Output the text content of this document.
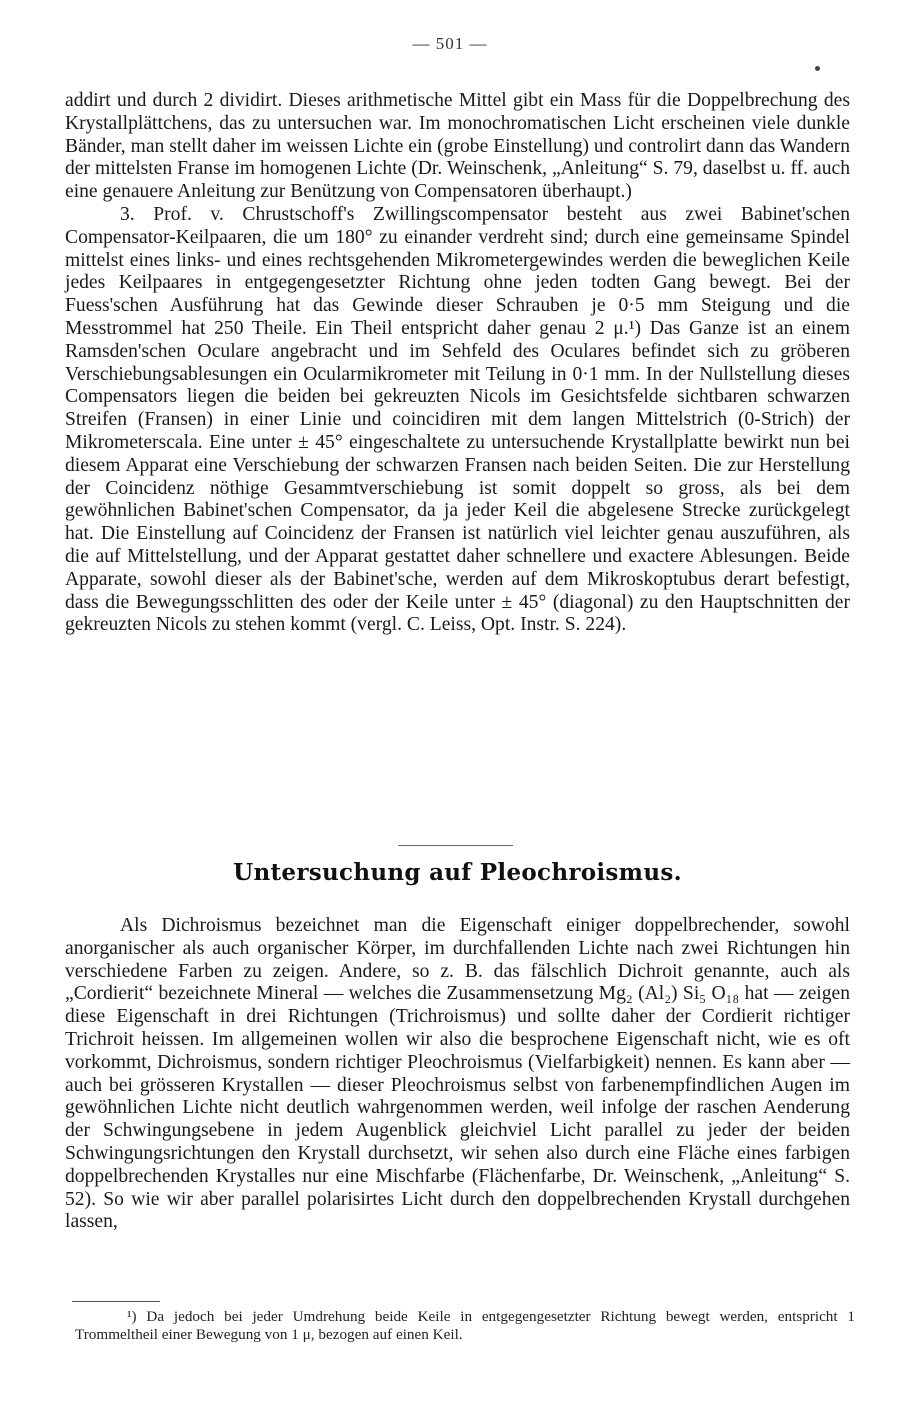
— 501 —

addirt und durch 2 dividirt. Dieses arithmetische Mittel gibt ein Mass für die Doppelbrechung des Krystallplättchens, das zu untersuchen war. Im monochromatischen Licht erscheinen viele dunkle Bänder, man stellt daher im weissen Lichte ein (grobe Einstellung) und controlirt dann das Wandern der mittelsten Franse im homogenen Lichte (Dr. Weinschenk, „Anleitung“ S. 79, daselbst u. ff. auch eine genauere Anleitung zur Benützung von Compensatoren überhaupt.)

3. Prof. v. Chrustschoff's Zwillingscompensator besteht aus zwei Babinet'schen Compensator-Keilpaaren, die um 180° zu einander verdreht sind; durch eine gemeinsame Spindel mittelst eines links- und eines rechtsgehenden Mikrometergewindes werden die beweglichen Keile jedes Keilpaares in entgegengesetzter Richtung ohne jeden todten Gang bewegt. Bei der Fuess'schen Ausführung hat das Gewinde dieser Schrauben je 0·5 mm Steigung und die Messtrommel hat 250 Theile. Ein Theil entspricht daher genau 2 μ.¹) Das Ganze ist an einem Ramsden'schen Oculare angebracht und im Sehfeld des Oculares befindet sich zu gröberen Verschiebungsablesungen ein Ocularmikrometer mit Teilung in 0·1 mm. In der Nullstellung dieses Compensators liegen die beiden bei gekreuzten Nicols im Gesichtsfelde sichtbaren schwarzen Streifen (Fransen) in einer Linie und coincidiren mit dem langen Mittelstrich (0-Strich) der Mikrometerscala. Eine unter ± 45° eingeschaltete zu untersuchende Krystallplatte bewirkt nun bei diesem Apparat eine Verschiebung der schwarzen Fransen nach beiden Seiten. Die zur Herstellung der Coincidenz nöthige Gesammtverschiebung ist somit doppelt so gross, als bei dem gewöhnlichen Babinet'schen Compensator, da ja jeder Keil die abgelesene Strecke zurückgelegt hat. Die Einstellung auf Coincidenz der Fransen ist natürlich viel leichter genau auszuführen, als die auf Mittelstellung, und der Apparat gestattet daher schnellere und exactere Ablesungen. Beide Apparate, sowohl dieser als der Babinet'sche, werden auf dem Mikroskoptubus derart befestigt, dass die Bewegungsschlitten des oder der Keile unter ± 45° (diagonal) zu den Hauptschnitten der gekreuzten Nicols zu stehen kommt (vergl. C. Leiss, Opt. Instr. S. 224).

Untersuchung auf Pleochroismus.

Als Dichroismus bezeichnet man die Eigenschaft einiger doppelbrechender, sowohl anorganischer als auch organischer Körper, im durchfallenden Lichte nach zwei Richtungen hin verschiedene Farben zu zeigen. Andere, so z. B. das fälschlich Dichroit genannte, auch als „Cordierit“ bezeichnete Mineral — welches die Zusammensetzung Mg₂ (Al₂) Si₅ O₁₈ hat — zeigen diese Eigenschaft in drei Richtungen (Trichroismus) und sollte daher der Cordierit richtiger Trichroit heissen. Im allgemeinen wollen wir also die besprochene Eigenschaft nicht, wie es oft vorkommt, Dichroismus, sondern richtiger Pleochroismus (Vielfarbigkeit) nennen. Es kann aber — auch bei grösseren Krystallen — dieser Pleochroismus selbst von farbenempfindlichen Augen im gewöhnlichen Lichte nicht deutlich wahrgenommen werden, weil infolge der raschen Aenderung der Schwingungsebene in jedem Augenblick gleichviel Licht parallel zu jeder der beiden Schwingungsrichtungen den Krystall durchsetzt, wir sehen also durch eine Fläche eines farbigen doppelbrechenden Krystalles nur eine Mischfarbe (Flächenfarbe, Dr. Weinschenk, „Anleitung“ S. 52). So wie wir aber parallel polarisirtes Licht durch den doppelbrechenden Krystall durchgehen lassen,

¹) Da jedoch bei jeder Umdrehung beide Keile in entgegengesetzter Richtung bewegt werden, entspricht 1 Trommeltheil einer Bewegung von 1 μ, bezogen auf einen Keil.
